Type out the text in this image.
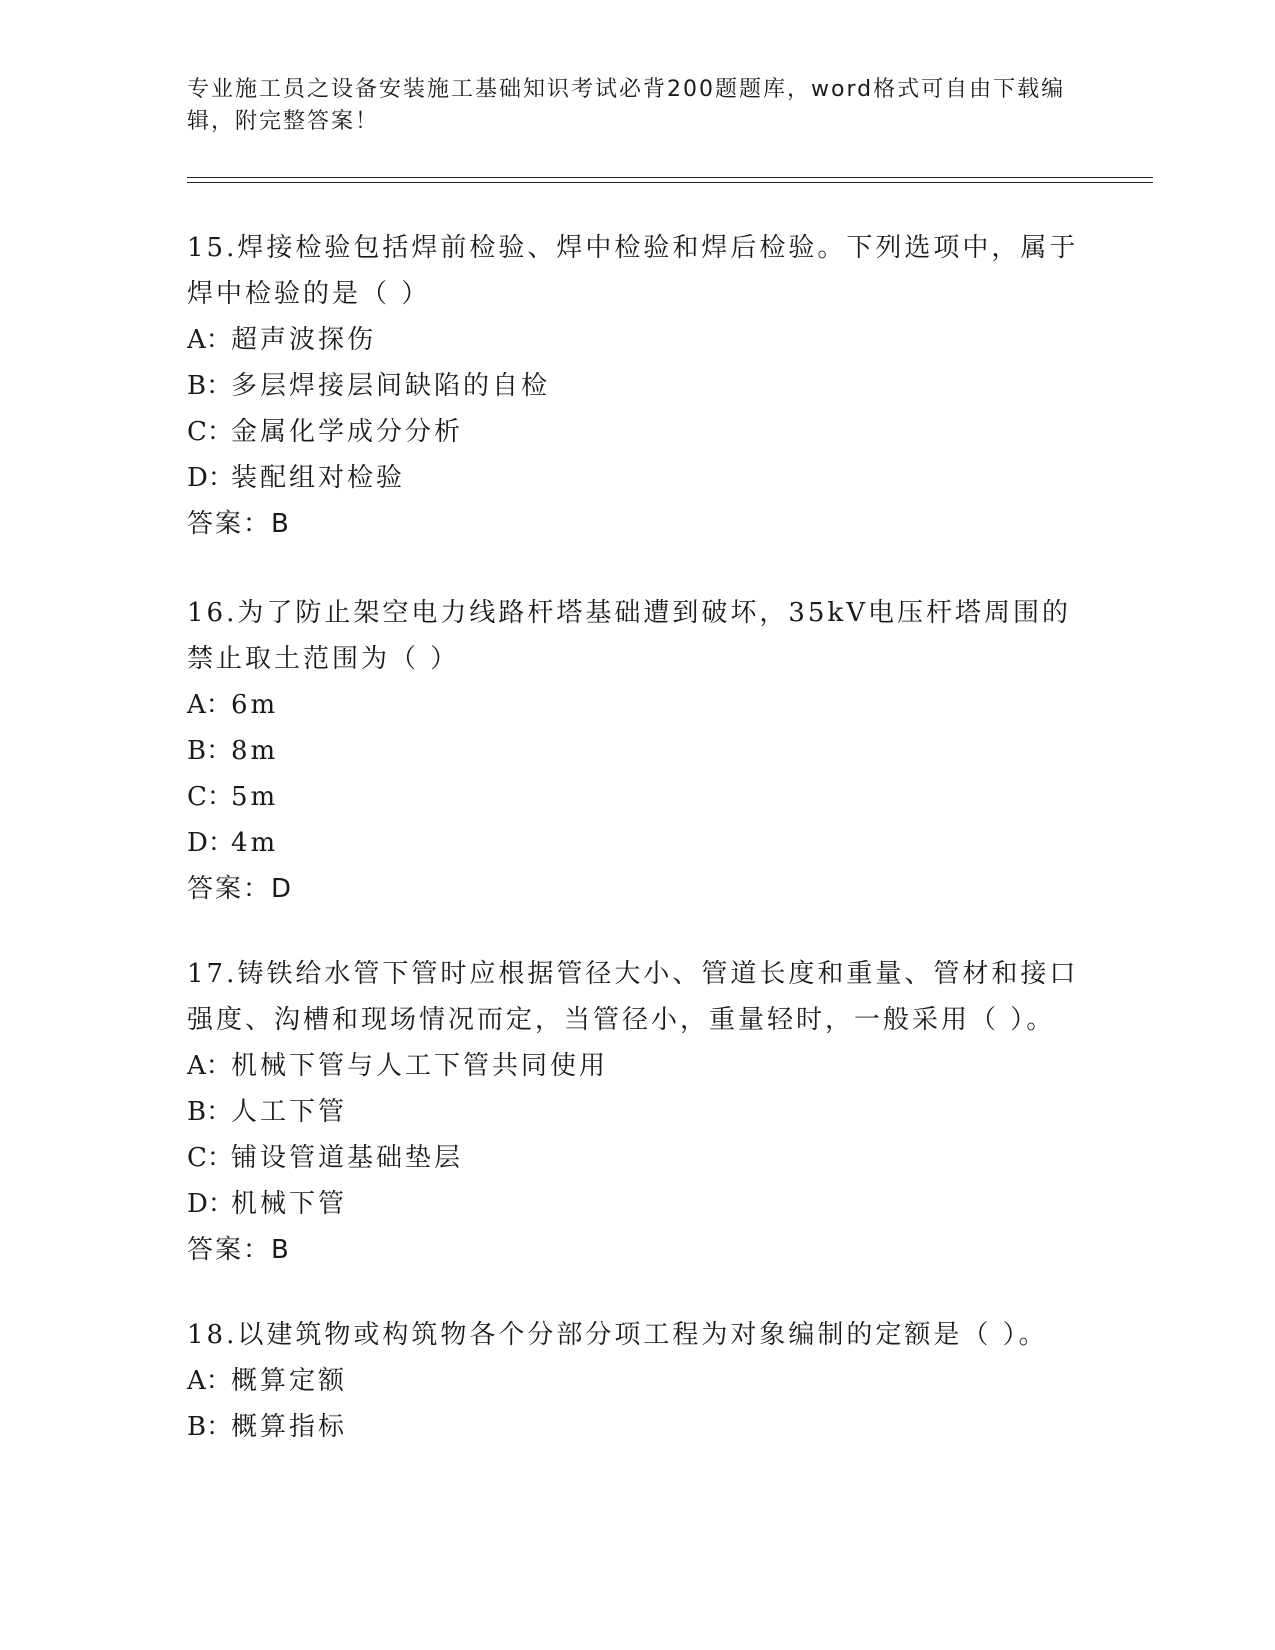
专业施工员之设备安装施工基础知识考试必背200题题库，word格式可自由下载编辑，附完整答案！

15.焊接检验包括焊前检验、焊中检验和焊后检验。下列选项中，属于焊中检验的是（ ）

A： 超声波探伤
B：
多层焊接层间缺陷的自检
C：
金属化学成分分析
D：
装配组对检验
答案：B

16.为了防止架空电力线路杆塔基础遭到破坏，35kV电压杆塔周围的禁止取土范围为（ ）

A： 6m
B：
8m
C：
5m
D：
4m
答案：D

17.铸铁给水管下管时应根据管径大小、管道长度和重量、管材和接口强度、沟槽和现场情况而定，当管径小，重量轻时，一般采用（ ）。

A： 机械下管与人工下管共同使用
B：
人工下管
C：
铺设管道基础垫层
D：
机械下管
答案：B

18.以建筑物或构筑物各个分部分项工程为对象编制的定额是（ ）。

A： 概算定额
B：
概算指标
